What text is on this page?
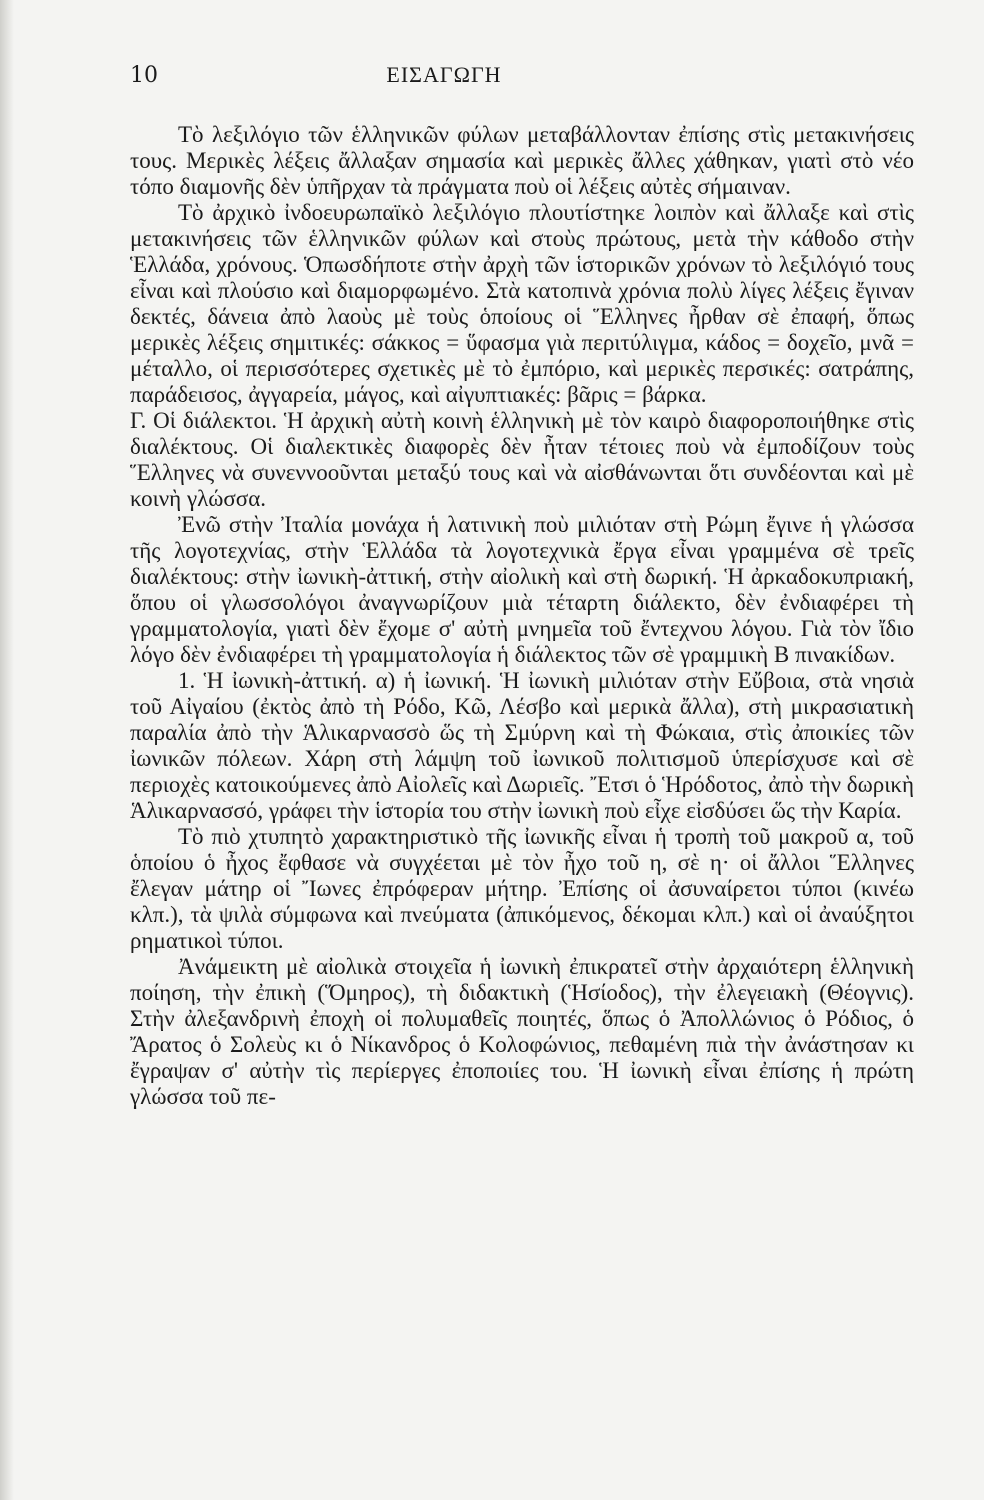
10	ΕΙΣΑΓΩΓΗ

Τὸ λεξιλόγιο τῶν ἑλληνικῶν φύλων μεταβάλλονταν ἐπίσης στὶς μετακινήσεις τους. Μερικὲς λέξεις ἄλλαξαν σημασία καὶ μερικὲς ἄλλες χάθηκαν, γιατὶ στὸ νέο τόπο διαμονῆς δὲν ὑπῆρχαν τὰ πράγματα ποὺ οἱ λέξεις αὐτὲς σήμαιναν.

Τὸ ἀρχικὸ ἰνδοευρωπαϊκὸ λεξιλόγιο πλουτίστηκε λοιπὸν καὶ ἄλλαξε καὶ στὶς μετακινήσεις τῶν ἑλληνικῶν φύλων καὶ στοὺς πρώτους, μετὰ τὴν κάθοδο στὴν Ἑλλάδα, χρόνους. Ὁπωσδήποτε στὴν ἀρχὴ τῶν ἱστορικῶν χρόνων τὸ λεξιλόγιό τους εἶναι καὶ πλούσιο καὶ διαμορφωμένο. Στὰ κατοπινὰ χρόνια πολὺ λίγες λέξεις ἔγιναν δεκτές, δάνεια ἀπὸ λαοὺς μὲ τοὺς ὁποίους οἱ Ἕλληνες ἦρθαν σὲ ἐπαφή, ὅπως μερικὲς λέξεις σημιτικές: σάκκος = ὕφασμα γιὰ περιτύλιγμα, κάδος = δοχεῖο, μνᾶ = μέταλλο, οἱ περισσότερες σχετικὲς μὲ τὸ ἐμπόριο, καὶ μερικὲς περσικές: σατράπης, παράδεισος, ἀγγαρεία, μάγος, καὶ αἰγυπτιακές: βᾶρις = βάρκα.

Γ. Οἱ διάλεκτοι. Ἡ ἀρχικὴ αὐτὴ κοινὴ ἑλληνικὴ μὲ τὸν καιρὸ διαφοροποιήθηκε στὶς διαλέκτους. Οἱ διαλεκτικὲς διαφορὲς δὲν ἦταν τέτοιες ποὺ νὰ ἐμποδίζουν τοὺς Ἕλληνες νὰ συνεννοοῦνται μεταξύ τους καὶ νὰ αἰσθάνωνται ὅτι συνδέονται καὶ μὲ κοινὴ γλώσσα.

Ἐνῶ στὴν Ἰταλία μονάχα ἡ λατινικὴ ποὺ μιλιόταν στὴ Ρώμη ἔγινε ἡ γλώσσα τῆς λογοτεχνίας, στὴν Ἑλλάδα τὰ λογοτεχνικὰ ἔργα εἶναι γραμμένα σὲ τρεῖς διαλέκτους: στὴν ἰωνικὴ-ἀττική, στὴν αἰολικὴ καὶ στὴ δωρική. Ἡ ἀρκαδοκυπριακή, ὅπου οἱ γλωσσολόγοι ἀναγνωρίζουν μιὰ τέταρτη διάλεκτο, δὲν ἐνδιαφέρει τὴ γραμματολογία, γιατὶ δὲν ἔχομε σ' αὐτὴ μνημεῖα τοῦ ἔντεχνου λόγου. Γιὰ τὸν ἴδιο λόγο δὲν ἐνδιαφέρει τὴ γραμματολογία ἡ διάλεκτος τῶν σὲ γραμμικὴ Β πινακίδων.

1. Ἡ ἰωνικὴ-ἀττική. α) ἡ ἰωνική. Ἡ ἰωνικὴ μιλιόταν στὴν Εὔβοια, στὰ νησιὰ τοῦ Αἰγαίου (ἐκτὸς ἀπὸ τὴ Ρόδο, Κῶ, Λέσβο καὶ μερικὰ ἄλλα), στὴ μικρασιατικὴ παραλία ἀπὸ τὴν Ἁλικαρνασσὸ ὥς τὴ Σμύρνη καὶ τὴ Φώκαια, στὶς ἀποικίες τῶν ἰωνικῶν πόλεων. Χάρη στὴ λάμψη τοῦ ἰωνικοῦ πολιτισμοῦ ὑπερίσχυσε καὶ σὲ περιοχὲς κατοικούμενες ἀπὸ Αἰολεῖς καὶ Δωριεῖς. Ἔτσι ὁ Ἡρόδοτος, ἀπὸ τὴν δωρικὴ Ἁλικαρνασσό, γράφει τὴν ἱστορία του στὴν ἰωνικὴ ποὺ εἶχε εἰσδύσει ὥς τὴν Καρία.

Τὸ πιὸ χτυπητὸ χαρακτηριστικὸ τῆς ἰωνικῆς εἶναι ἡ τροπὴ τοῦ μακροῦ α, τοῦ ὁποίου ὁ ἦχος ἔφθασε νὰ συγχέεται μὲ τὸν ἦχο τοῦ η, σὲ η· οἱ ἄλλοι Ἕλληνες ἔλεγαν μάτηρ οἱ Ἴωνες ἐπρόφεραν μήτηρ. Ἐπίσης οἱ ἀσυναίρετοι τύποι (κινέω κλπ.), τὰ ψιλὰ σύμφωνα καὶ πνεύματα (ἀπικόμενος, δέκομαι κλπ.) καὶ οἱ ἀναύξητοι ρηματικοὶ τύποι.

Ἀνάμεικτη μὲ αἰολικὰ στοιχεῖα ἡ ἰωνικὴ ἐπικρατεῖ στὴν ἀρχαιότερη ἑλληνικὴ ποίηση, τὴν ἐπικὴ (Ὅμηρος), τὴ διδακτικὴ (Ἡσίοδος), τὴν ἐλεγειακὴ (Θέογνις). Στὴν ἀλεξανδρινὴ ἐποχὴ οἱ πολυμαθεῖς ποιητές, ὅπως ὁ Ἀπολλώνιος ὁ Ρόδιος, ὁ Ἄρατος ὁ Σολεὺς κι ὁ Νίκανδρος ὁ Κολοφώνιος, πεθαμένη πιὰ τὴν ἀνάστησαν κι ἔγραψαν σ' αὐτὴν τὶς περίεργες ἐποποιίες του. Ἡ ἰωνικὴ εἶναι ἐπίσης ἡ πρώτη γλώσσα τοῦ πε-
